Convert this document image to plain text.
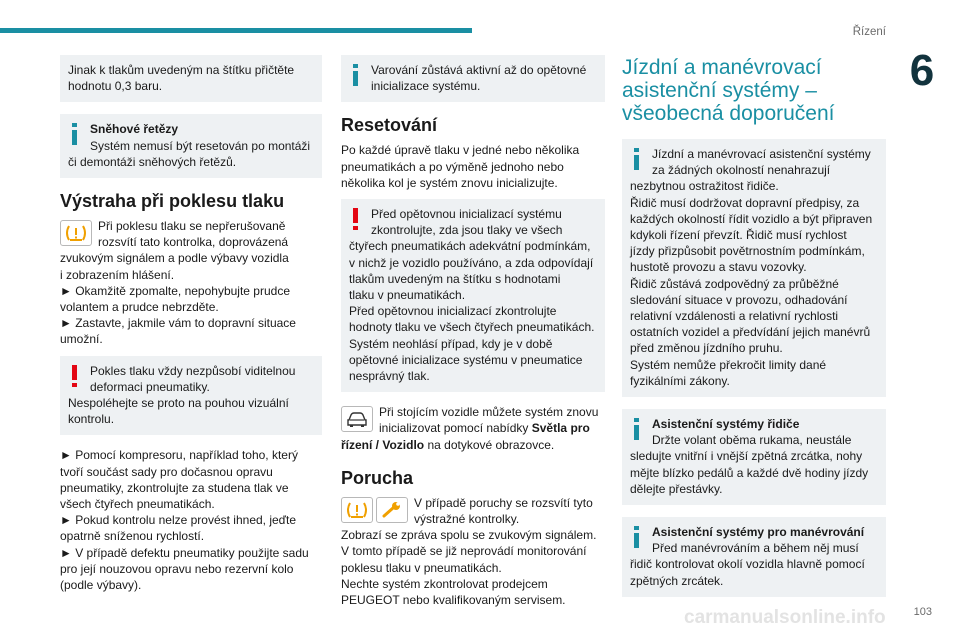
Řízení
6

Jinak k tlakům uvedeným na štítku přičtěte

hodnotu 0,3 baru.

Sněhové řetězy

Systém nemusí být resetován po montáži

či demontáži sněhových řetězů.

Výstraha při poklesu tlaku

Při poklesu tlaku se nepřerušovaně

rozsvítí tato kontrolka, doprovázená

zvukovým signálem a podle výbavy vozidla

i zobrazením hlášení.

► Okamžitě zpomalte, nepohybujte prudce

volantem a prudce nebrzděte.

► Zastavte, jakmile vám to dopravní situace

umožní.

Pokles tlaku vždy nezpůsobí viditelnou

deformaci pneumatiky.

Nespoléhejte se proto na pouhou vizuální

kontrolu.

► Pomocí kompresoru, například toho, který

tvoří součást sady pro dočasnou opravu

pneumatiky, zkontrolujte za studena tlak ve

všech čtyřech pneumatikách.

► Pokud kontrolu nelze provést ihned, jeďte

opatrně sníženou rychlostí.

► V případě defektu pneumatiky použijte sadu

pro její nouzovou opravu nebo rezervní kolo

(podle výbavy).

Varování zůstává aktivní až do opětovné

inicializace systému.

Resetování

Po každé úpravě tlaku v jedné nebo několika

pneumatikách a po výměně jednoho nebo

několika kol je systém znovu inicializujte.

Před opětovnou inicializací systému

zkontrolujte, zda jsou tlaky ve všech

čtyřech pneumatikách adekvátní podmínkám,

v nichž je vozidlo používáno, a zda odpovídají

tlakům uvedeným na štítku s hodnotami

tlaku v pneumatikách.

Před opětovnou inicializací zkontrolujte

hodnoty tlaku ve všech čtyřech pneumatikách.

Systém neohlásí případ, kdy je v době

opětovné inicializace systému v pneumatice

nesprávný tlak.

Při stojícím vozidle můžete systém znovu

inicializovat pomocí nabídky Světla pro

řízení / Vozidlo na dotykové obrazovce.

Porucha

V případě poruchy se rozsvítí tyto

výstražné kontrolky.

Zobrazí se zpráva spolu se zvukovým signálem.

V tomto případě se již neprovádí monitorování

poklesu tlaku v pneumatikách.

Nechte systém zkontrolovat prodejcem

PEUGEOT nebo kvalifikovaným servisem.

Jízdní a manévrovací
asistenční systémy –
všeobecná doporučení

Jízdní a manévrovací asistenční systémy

za žádných okolností nenahrazují

nezbytnou ostražitost řidiče.

Řidič musí dodržovat dopravní předpisy, za

každých okolností řídit vozidlo a být připraven

kdykoli řízení převzít. Řidič musí rychlost

jízdy přizpůsobit povětrnostním podmínkám,

hustotě provozu a stavu vozovky.

Řidič zůstává zodpovědný za průběžné

sledování situace v provozu, odhadování

relativní vzdálenosti a relativní rychlosti

ostatních vozidel a předvídání jejich manévrů

před změnou jízdního pruhu.

Systém nemůže překročit limity dané

fyzikálními zákony.

Asistenční systémy řidiče

Držte volant oběma rukama, neustále

sledujte vnitřní i vnější zpětná zrcátka, nohy

mějte blízko pedálů a každé dvě hodiny jízdy

dělejte přestávky.

Asistenční systémy pro manévrování

Před manévrováním a během něj musí

řidič kontrolovat okolí vozidla hlavně pomocí

zpětných zrcátek.

carmanualsonline.info	103
